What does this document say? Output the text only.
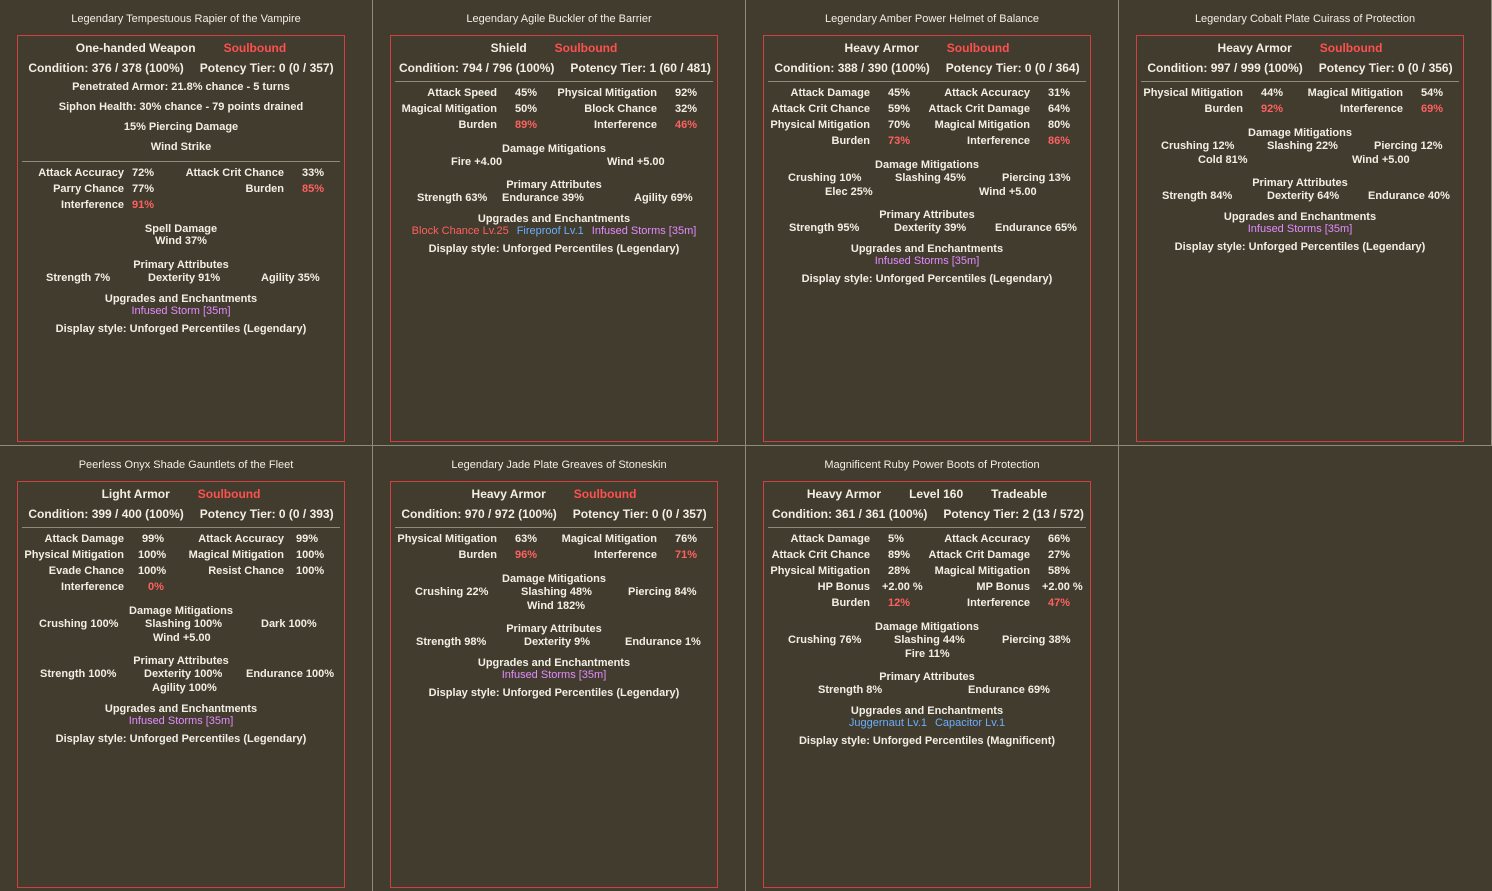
Legendary Tempestuous Rapier of the Vampire
One-handed Weapon Soulbound
Condition: 376 / 378 (100%) Potency Tier: 0 (0 / 357)
Penetrated Armor: 21.8% chance - 5 turns
Siphon Health: 30% chance - 79 points drained
15% Piercing Damage
Wind Strike
Attack Accuracy 72%	Attack Crit Chance 33%
Parry Chance 77%	Burden 85%
Interference 91%
Spell Damage
Wind 37%
Primary Attributes
Strength 7%	Dexterity 91%	Agility 35%
Upgrades and Enchantments
Infused Storm [35m]
Display style: Unforged Percentiles (Legendary)
Legendary Agile Buckler of the Barrier
Shield Soulbound
Condition: 794 / 796 (100%) Potency Tier: 1 (60 / 481)
Attack Speed 45% Physical Mitigation 92%
Magical Mitigation 50%	Block Chance 32%
Burden 89%	Interference 46%
Damage Mitigations
Fire +4.00	Wind +5.00
Primary Attributes
Strength 63% Endurance 39%	Agility 69%
Upgrades and Enchantments
Block Chance Lv.25 Fireproof Lv.1 Infused Storms [35m]
Display style: Unforged Percentiles (Legendary)
Legendary Amber Power Helmet of Balance
Heavy Armor Soulbound
Condition: 388 / 390 (100%) Potency Tier: 0 (0 / 364)
Attack Damage 45%	Attack Accuracy 31%
Attack Crit Chance 59% Attack Crit Damage 64%
Physical Mitigation 70% Magical Mitigation 80%
Burden 73%	Interference 86%
Damage Mitigations
Crushing 10%	Slashing 45%	Piercing 13%
Elec 25%	Wind +5.00
Primary Attributes
Strength 95%	Dexterity 39%	Endurance 65%
Upgrades and Enchantments
Infused Storms [35m]
Display style: Unforged Percentiles (Legendary)
Legendary Cobalt Plate Cuirass of Protection
Heavy Armor Soulbound
Condition: 997 / 999 (100%) Potency Tier: 0 (0 / 356)
Physical Mitigation 44% Magical Mitigation 54%
Burden 92%	Interference 69%
Damage Mitigations
Crushing 12%	Slashing 22%	Piercing 12%
Cold 81%	Wind +5.00
Primary Attributes
Strength 84%	Dexterity 64%	Endurance 40%
Upgrades and Enchantments
Infused Storms [35m]
Display style: Unforged Percentiles (Legendary)
Peerless Onyx Shade Gauntlets of the Fleet
Light Armor Soulbound
Condition: 399 / 400 (100%) Potency Tier: 0 (0 / 393)
Attack Damage 99%	Attack Accuracy 99%
Physical Mitigation 100% Magical Mitigation 100%
Evade Chance 100%	Resist Chance 100%
Interference 0%
Damage Mitigations
Crushing 100% Slashing 100%	Dark 100%
Wind +5.00
Primary Attributes
Strength 100%	Dexterity 100% Endurance 100%
Agility 100%
Upgrades and Enchantments
Infused Storms [35m]
Display style: Unforged Percentiles (Legendary)
Legendary Jade Plate Greaves of Stoneskin
Heavy Armor Soulbound
Condition: 970 / 972 (100%) Potency Tier: 0 (0 / 357)
Physical Mitigation 63% Magical Mitigation 76%
Burden 96%	Interference 71%
Damage Mitigations
Crushing 22%	Slashing 48%	Piercing 84%
Wind 182%
Primary Attributes
Strength 98%	Dexterity 9%	Endurance 1%
Upgrades and Enchantments
Infused Storms [35m]
Display style: Unforged Percentiles (Legendary)
Magnificent Ruby Power Boots of Protection
Heavy Armor Level 160 Tradeable
Condition: 361 / 361 (100%) Potency Tier: 2 (13 / 572)
Attack Damage 5%	Attack Accuracy 66%
Attack Crit Chance 89% Attack Crit Damage 27%
Physical Mitigation 28% Magical Mitigation 58%
HP Bonus +2.00 %	MP Bonus +2.00 %
Burden 12%	Interference 47%
Damage Mitigations
Crushing 76%	Slashing 44%	Piercing 38%
Fire 11%
Primary Attributes
Strength 8%	Endurance 69%
Upgrades and Enchantments
Juggernaut Lv.1 Capacitor Lv.1
Display style: Unforged Percentiles (Magnificent)
